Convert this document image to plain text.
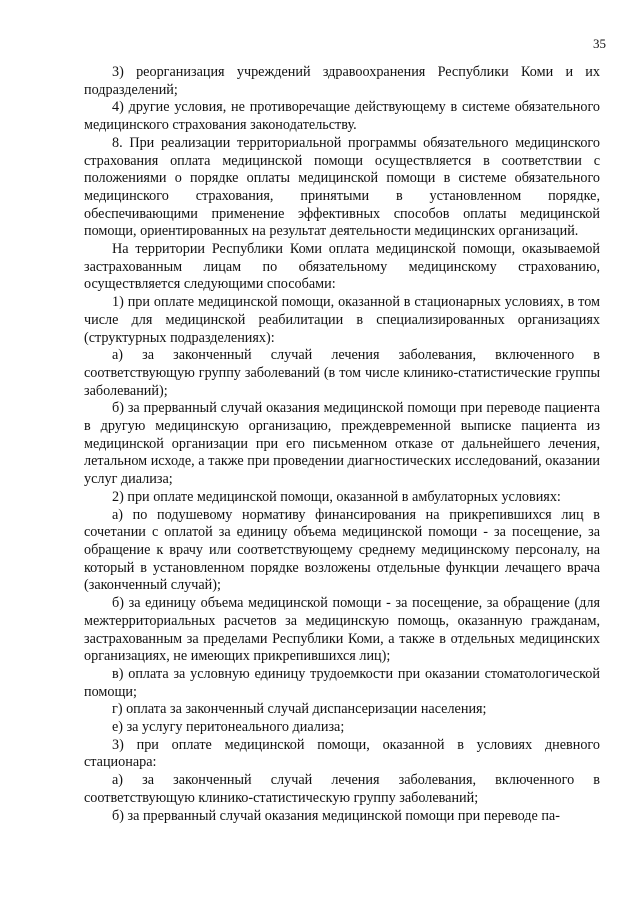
35

3) реорганизация учреждений здравоохранения Республики Коми и их подразделений;

4) другие условия, не противоречащие действующему в системе обязательного медицинского страхования законодательству.

8. При реализации территориальной программы обязательного медицинского страхования оплата медицинской помощи осуществляется в соответствии с положениями о порядке оплаты медицинской помощи в системе обязательного медицинского страхования, принятыми в установленном порядке, обеспечивающими применение эффективных способов оплаты медицинской помощи, ориентированных на результат деятельности медицинских организаций.

На территории Республики Коми оплата медицинской помощи, оказываемой застрахованным лицам по обязательному медицинскому страхованию, осуществляется следующими способами:

1) при оплате медицинской помощи, оказанной в стационарных условиях, в том числе для медицинской реабилитации в специализированных организациях (структурных подразделениях):

а) за законченный случай лечения заболевания, включенного в соответствующую группу заболеваний (в том числе клинико-статистические группы заболеваний);

б) за прерванный случай оказания медицинской помощи при переводе пациента в другую медицинскую организацию, преждевременной выписке пациента из медицинской организации при его письменном отказе от дальнейшего лечения, летальном исходе, а также при проведении диагностических исследований, оказании услуг диализа;

2) при оплате медицинской помощи, оказанной в амбулаторных условиях:

а) по подушевому нормативу финансирования на прикрепившихся лиц в сочетании с оплатой за единицу объема медицинской помощи - за посещение, за обращение к врачу или соответствующему среднему медицинскому персоналу, на который в установленном порядке возложены отдельные функции лечащего врача (законченный случай);

б) за единицу объема медицинской помощи - за посещение, за обращение (для межтерриториальных расчетов за медицинскую помощь, оказанную гражданам, застрахованным за пределами Республики Коми, а также в отдельных медицинских организациях, не имеющих прикрепившихся лиц);

в) оплата за условную единицу трудоемкости при оказании стоматологической помощи;

г) оплата за законченный случай диспансеризации населения;

е) за услугу перитонеального диализа;

3) при оплате медицинской помощи, оказанной в условиях дневного стационара:

а) за законченный случай лечения заболевания, включенного в соответствующую клинико-статистическую группу заболеваний;

б) за прерванный случай оказания медицинской помощи при переводе па-
